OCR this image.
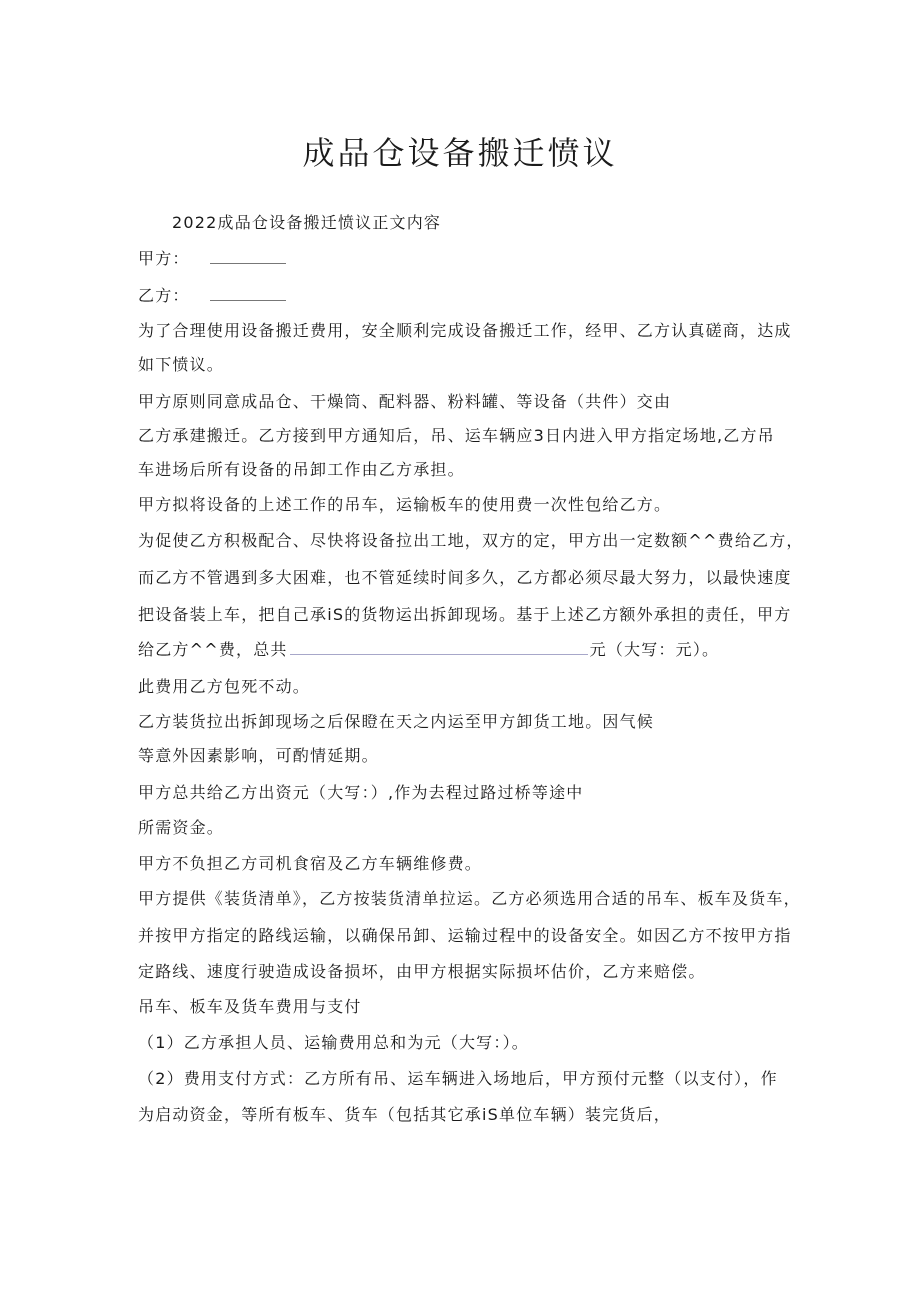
成品仓设备搬迁愤议

2022成品仓设备搬迁愤议正文内容

甲方：

乙方：

为了合理使用设备搬迁费用，安全顺利完成设备搬迁工作，经甲、乙方认真磋商，达成

如下愤议。

甲方原则同意成品仓、干燥筒、配料器、粉料罐、等设备（共件）交由

乙方承建搬迁。乙方接到甲方通知后，吊、运车辆应3日内进入甲方指定场地,乙方吊

车进场后所有设备的吊卸工作由乙方承担。

甲方拟将设备的上述工作的吊车，运输板车的使用费一次性包给乙方。

为促使乙方积极配合、尽快将设备拉出工地，双方的定，甲方出一定数额^^费给乙方，

而乙方不管遇到多大困难，也不管延续时间多久，乙方都必须尽最大努力，以最快速度

把设备装上车，把自己承iS的货物运出拆卸现场。基于上述乙方额外承担的责任，甲方

给乙方^^费，总共	元（大写：元）。

此费用乙方包死不动。

乙方装货拉出拆卸现场之后保瞪在天之内运至甲方卸货工地。因气候

等意外因素影响，可酌情延期。

甲方总共给乙方出资元（大写：）,作为去程过路过桥等途中

所需资金。

甲方不负担乙方司机食宿及乙方车辆维修费。

甲方提供《装货清单》，乙方按装货清单拉运。乙方必须选用合适的吊车、板车及货车，

并按甲方指定的路线运输，以确保吊卸、运输过程中的设备安全。如因乙方不按甲方指

定路线、速度行驶造成设备损坏，由甲方根据实际损坏估价，乙方来赔偿。

吊车、板车及货车费用与支付

（1）乙方承担人员、运输费用总和为元（大写：）。

（2）费用支付方式：乙方所有吊、运车辆进入场地后，甲方预付元整（以支付），作

为启动资金，等所有板车、货车（包括其它承iS单位车辆）装完货后，
